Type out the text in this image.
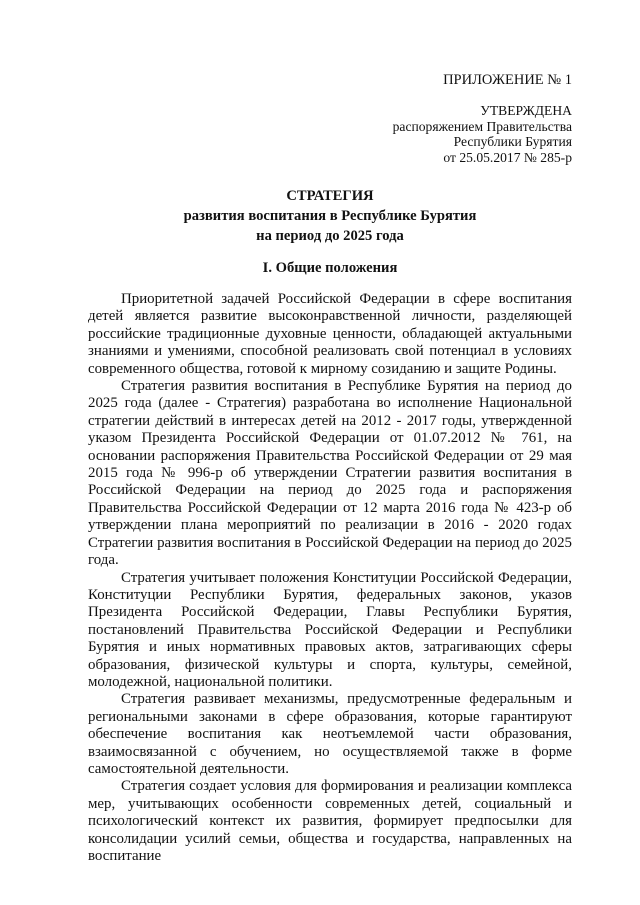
ПРИЛОЖЕНИЕ № 1
УТВЕРЖДЕНА
распоряжением Правительства
Республики Бурятия
от 25.05.2017 № 285-р
СТРАТЕГИЯ
развития воспитания в Республике Бурятия
на период до 2025 года
I. Общие положения

Приоритетной задачей Российской Федерации в сфере воспитания детей является развитие высоконравственной личности, разделяющей российские традиционные духовные ценности, обладающей актуальными знаниями и умениями, способной реализовать свой потенциал в условиях современного общества, готовой к мирному созиданию и защите Родины.

Стратегия развития воспитания в Республике Бурятия на период до 2025 года (далее - Стратегия) разработана во исполнение Национальной стратегии действий в интересах детей на 2012 - 2017 годы, утвержденной указом Президента Российской Федерации от 01.07.2012 № 761, на основании распоряжения Правительства Российской Федерации от 29 мая 2015 года № 996-р об утверждении Стратегии развития воспитания в Российской Федерации на период до 2025 года и распоряжения Правительства Российской Федерации от 12 марта 2016 года № 423-р об утверждении плана мероприятий по реализации в 2016 - 2020 годах Стратегии развития воспитания в Российской Федерации на период до 2025 года.

Стратегия учитывает положения Конституции Российской Федерации, Конституции Республики Бурятия, федеральных законов, указов Президента Российской Федерации, Главы Республики Бурятия, постановлений Правительства Российской Федерации и Республики Бурятия и иных нормативных правовых актов, затрагивающих сферы образования, физической культуры и спорта, культуры, семейной, молодежной, национальной политики.

Стратегия развивает механизмы, предусмотренные федеральным и региональными законами в сфере образования, которые гарантируют обеспечение воспитания как неотъемлемой части образования, взаимосвязанной с обучением, но осуществляемой также в форме самостоятельной деятельности.

Стратегия создает условия для формирования и реализации комплекса мер, учитывающих особенности современных детей, социальный и психологический контекст их развития, формирует предпосылки для консолидации усилий семьи, общества и государства, направленных на воспитание
